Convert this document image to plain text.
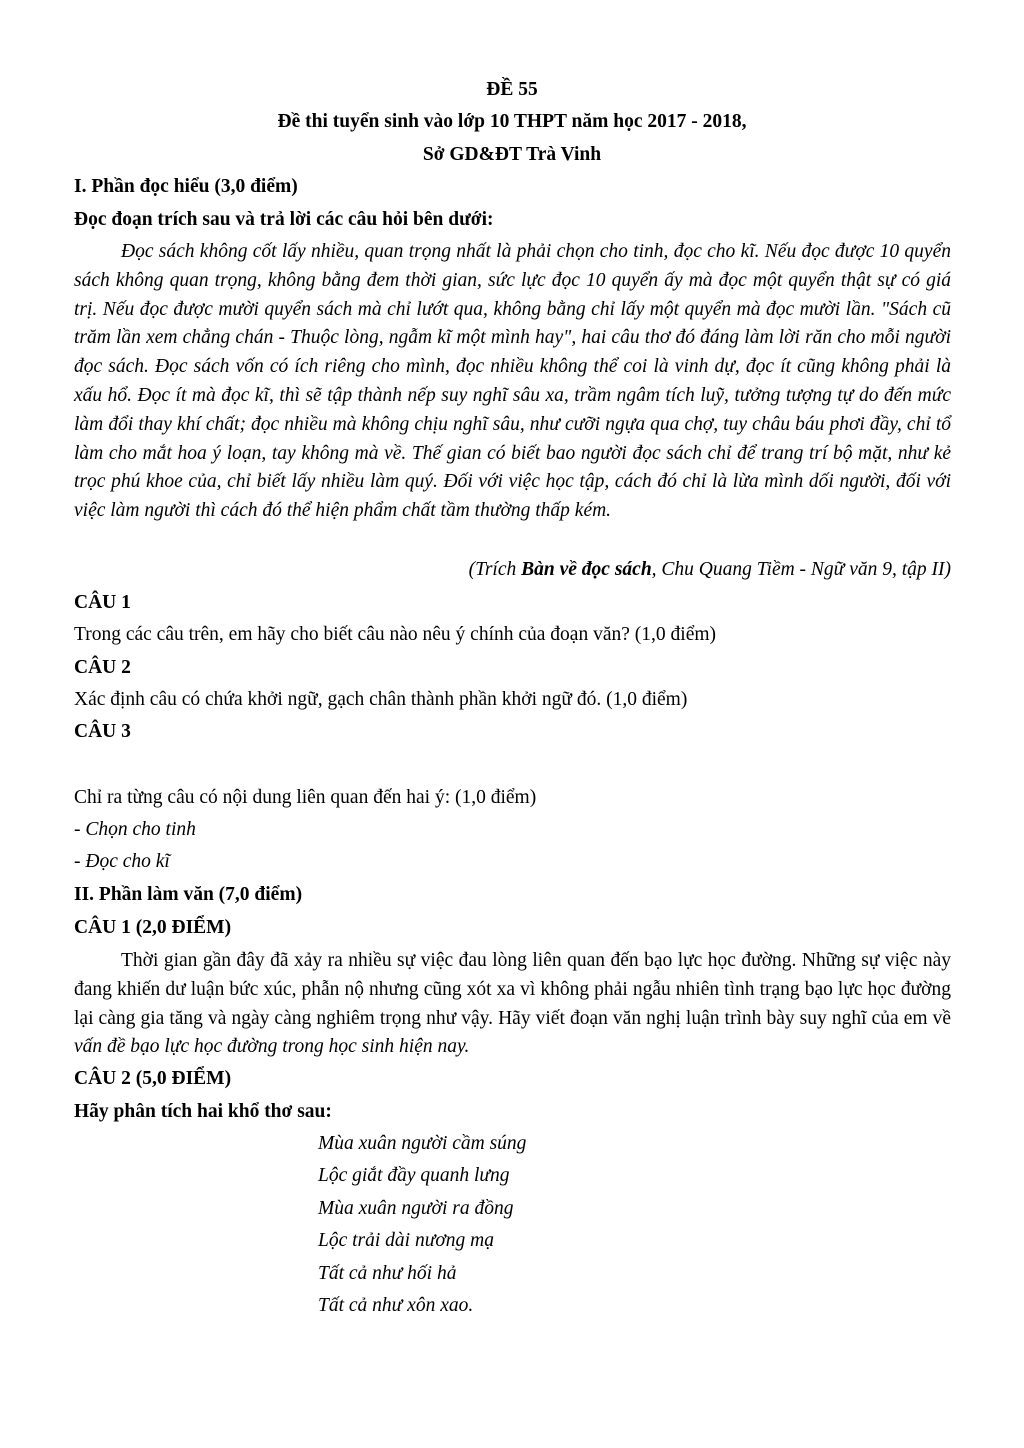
ĐỀ 55
Đề thi tuyển sinh vào lớp 10 THPT năm học 2017 - 2018,
Sở GD&ĐT Trà Vinh
I. Phần đọc hiểu (3,0 điểm)
Đọc đoạn trích sau và trả lời các câu hỏi bên dưới:

Đọc sách không cốt lấy nhiều, quan trọng nhất là phải chọn cho tinh, đọc cho kĩ. Nếu đọc được 10 quyển sách không quan trọng, không bằng đem thời gian, sức lực đọc 10 quyển ấy mà đọc một quyển thật sự có giá trị. Nếu đọc được mười quyển sách mà chỉ lướt qua, không bằng chỉ lấy một quyển mà đọc mười lần. "Sách cũ trăm lần xem chẳng chán - Thuộc lòng, ngẫm kĩ một mình hay", hai câu thơ đó đáng làm lời răn cho mỗi người đọc sách. Đọc sách vốn có ích riêng cho mình, đọc nhiều không thể coi là vinh dự, đọc ít cũng không phải là xấu hổ. Đọc ít mà đọc kĩ, thì sẽ tập thành nếp suy nghĩ sâu xa, trầm ngâm tích luỹ, tưởng tượng tự do đến mức làm đổi thay khí chất; đọc nhiều mà không chịu nghĩ sâu, như cưỡi ngựa qua chợ, tuy châu báu phơi đầy, chỉ tổ làm cho mắt hoa ý loạn, tay không mà về. Thế gian có biết bao người đọc sách chỉ để trang trí bộ mặt, như kẻ trọc phú khoe của, chỉ biết lấy nhiều làm quý. Đối với việc học tập, cách đó chỉ là lừa mình dối người, đối với việc làm người thì cách đó thể hiện phẩm chất tầm thường thấp kém.

(Trích Bàn về đọc sách, Chu Quang Tiềm - Ngữ văn 9, tập II)
CÂU 1
Trong các câu trên, em hãy cho biết câu nào nêu ý chính của đoạn văn? (1,0 điểm)
CÂU 2
Xác định câu có chứa khởi ngữ, gạch chân thành phần khởi ngữ đó. (1,0 điểm)
CÂU 3
Chỉ ra từng câu có nội dung liên quan đến hai ý: (1,0 điểm)
- Chọn cho tinh
- Đọc cho kĩ
II. Phần làm văn (7,0 điểm)
CÂU 1 (2,0 ĐIỂM)

Thời gian gần đây đã xảy ra nhiều sự việc đau lòng liên quan đến bạo lực học đường. Những sự việc này đang khiến dư luận bức xúc, phẫn nộ nhưng cũng xót xa vì không phải ngẫu nhiên tình trạng bạo lực học đường lại càng gia tăng và ngày càng nghiêm trọng như vậy. Hãy viết đoạn văn nghị luận trình bày suy nghĩ của em về vấn đề bạo lực học đường trong học sinh hiện nay.

CÂU 2 (5,0 ĐIỂM)
Hãy phân tích hai khổ thơ sau:
Mùa xuân người cầm súng
Lộc giắt đầy quanh lưng
Mùa xuân người ra đồng
Lộc trải dài nương mạ
Tất cả như hối hả
Tất cả như xôn xao.
